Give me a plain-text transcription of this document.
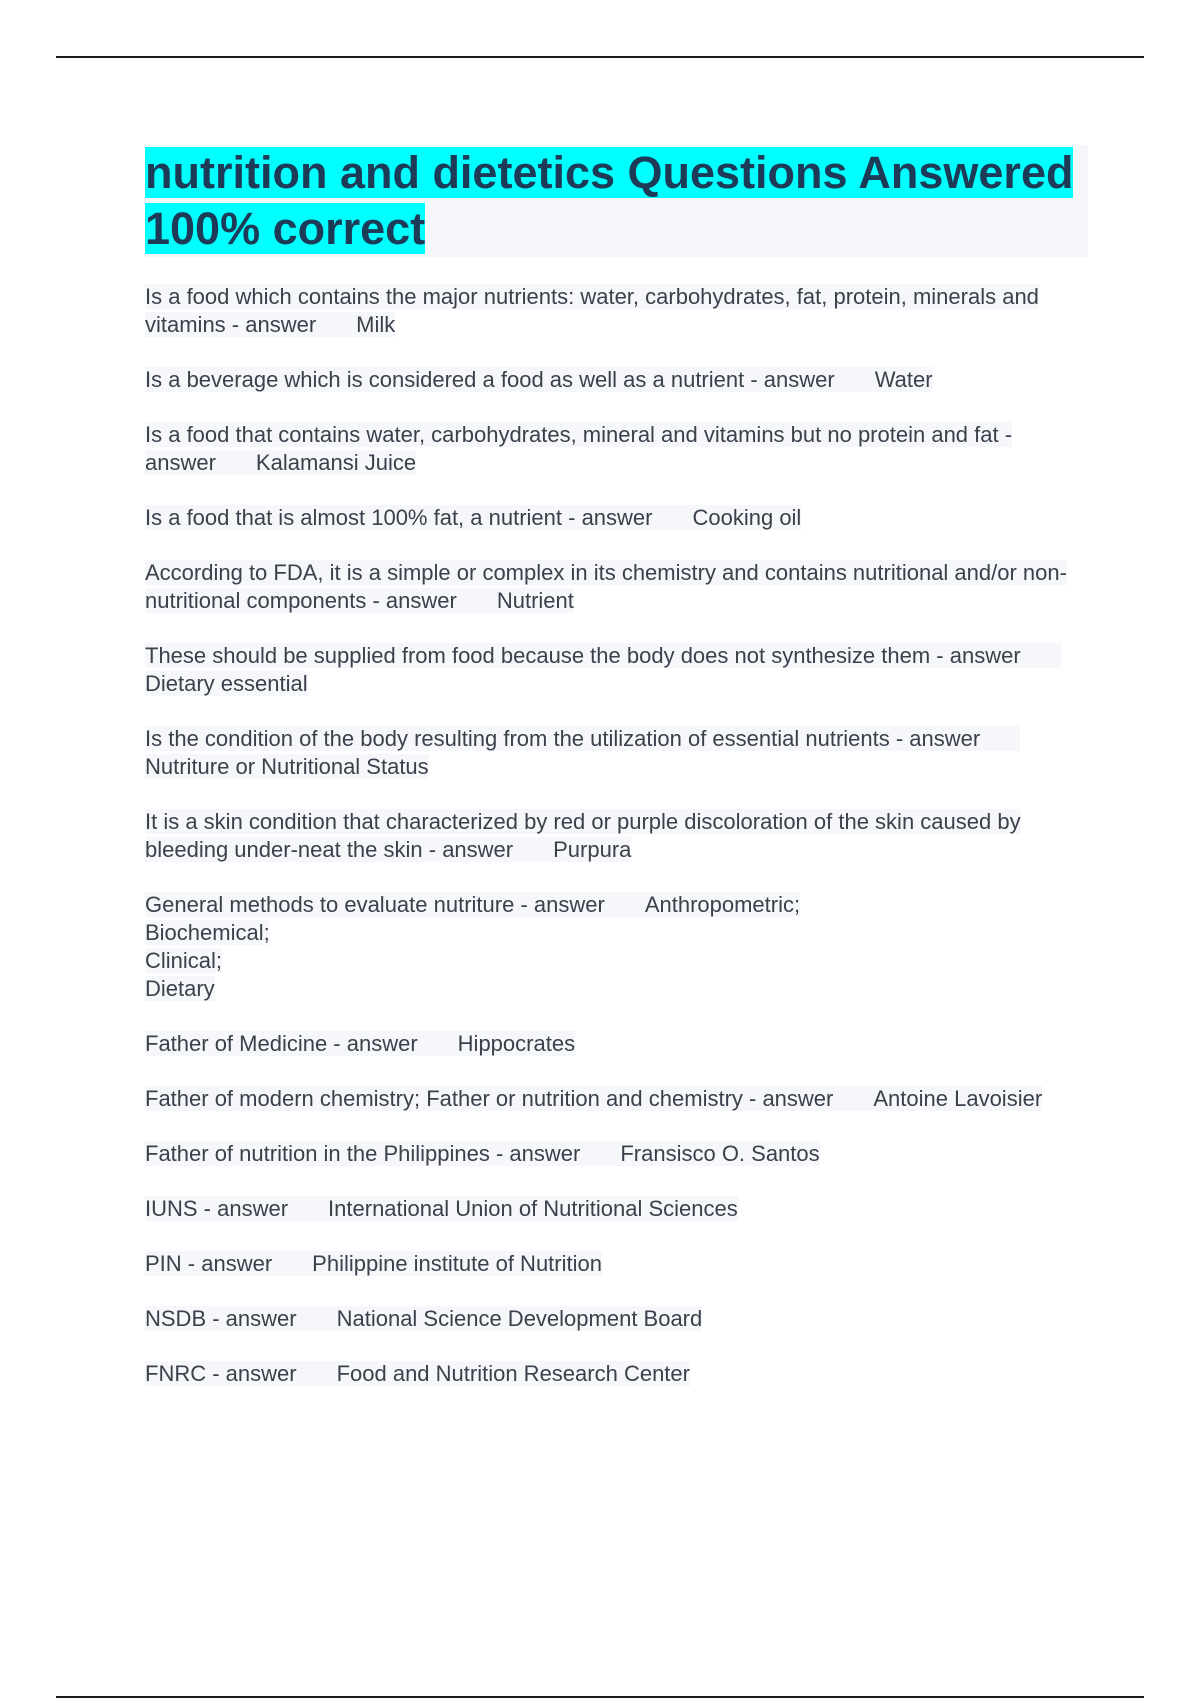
nutrition and dietetics Questions Answered 100% correct

Is a food which contains the major nutrients: water, carbohydrates, fat, protein, minerals and vitamins - answer Milk

Is a beverage which is considered a food as well as a nutrient - answer Water

Is a food that contains water, carbohydrates, mineral and vitamins but no protein and fat - answer Kalamansi Juice

Is a food that is almost 100% fat, a nutrient - answer Cooking oil

According to FDA, it is a simple or complex in its chemistry and contains nutritional and/or non-nutritional components - answer Nutrient

These should be supplied from food because the body does not synthesize them - answerDietary essential

Is the condition of the body resulting from the utilization of essential nutrients - answerNutriture or Nutritional Status

It is a skin condition that characterized by red or purple discoloration of the skin caused by bleeding under-neat the skin - answer Purpura

General methods to evaluate nutriture - answer Anthropometric;
Biochemical;
Clinical;
Dietary

Father of Medicine - answer Hippocrates

Father of modern chemistry; Father or nutrition and chemistry - answer Antoine Lavoisier

Father of nutrition in the Philippines - answer Fransisco O. Santos

IUNS - answer International Union of Nutritional Sciences

PIN - answer Philippine institute of Nutrition

NSDB - answer National Science Development Board

FNRC - answer Food and Nutrition Research Center
